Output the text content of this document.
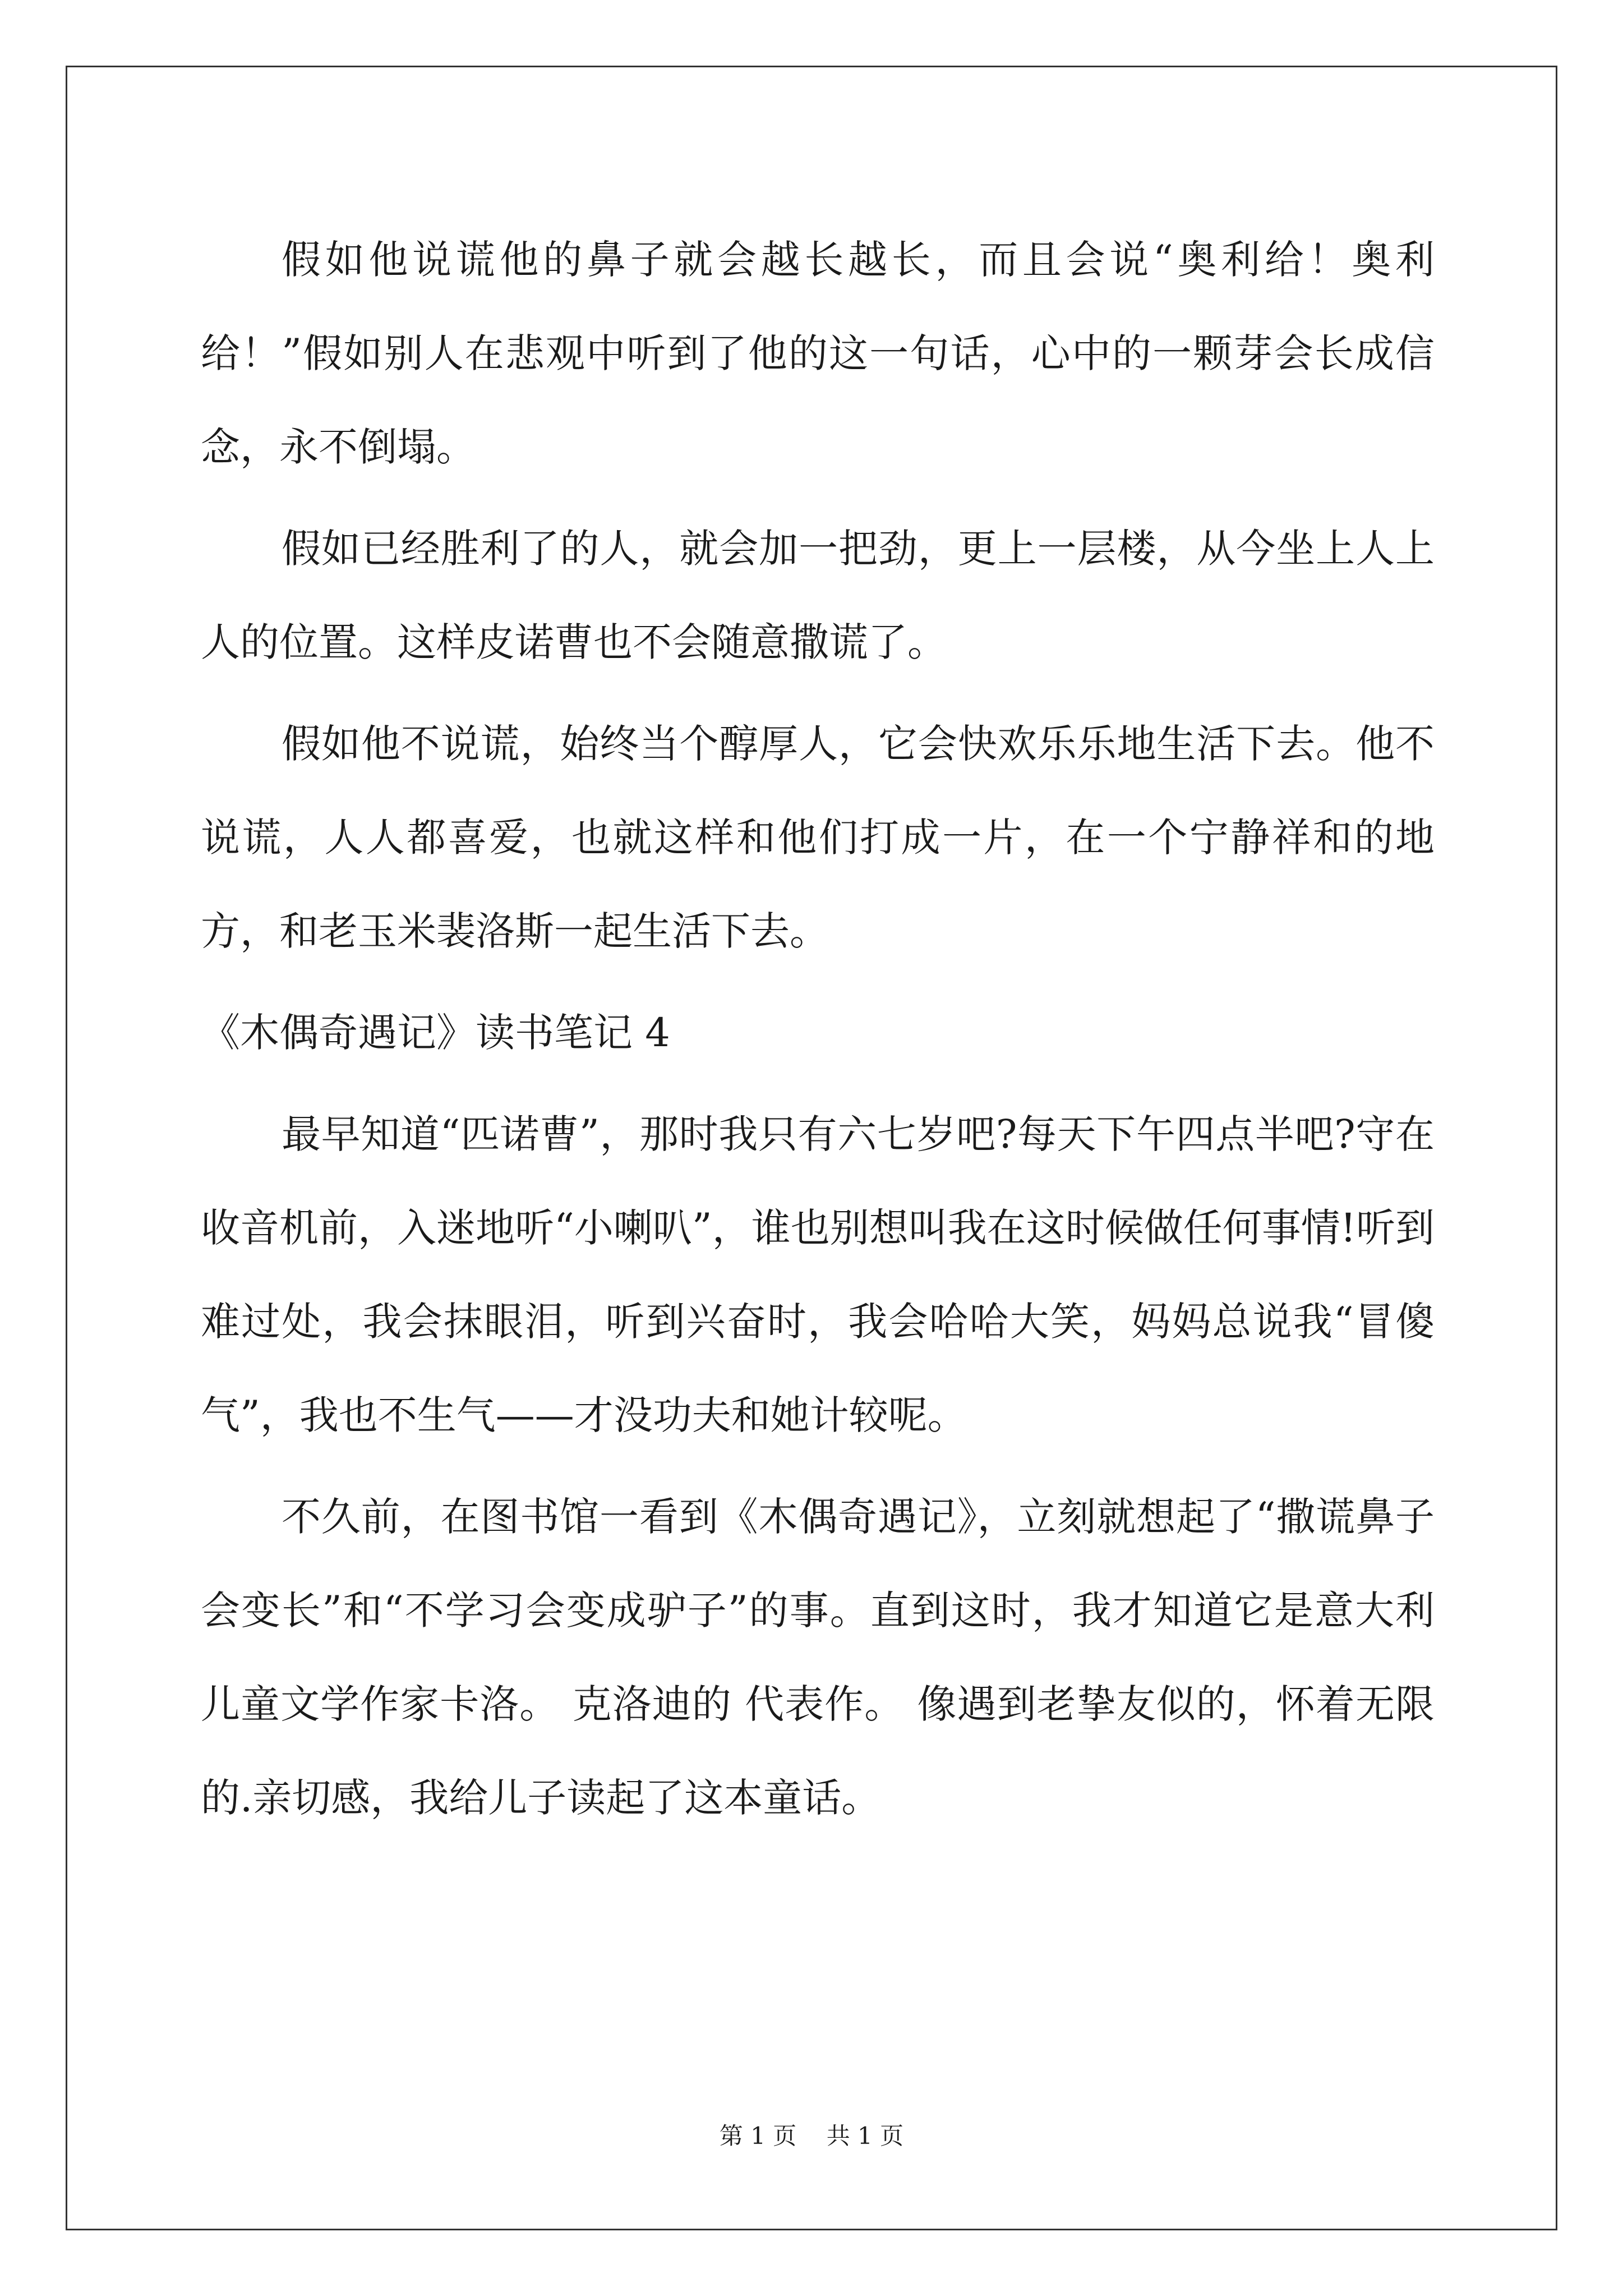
假如他说谎他的鼻子就会越长越长，而且会说“奥利给！奥利给！”假如别人在悲观中听到了他的这一句话，心中的一颗芽会长成信念，永不倒塌。

假如已经胜利了的人，就会加一把劲，更上一层楼，从今坐上人上人的位置。这样皮诺曹也不会随意撒谎了。

假如他不说谎，始终当个醇厚人，它会快欢乐乐地生活下去。他不说谎，人人都喜爱，也就这样和他们打成一片，在一个宁静祥和的地方，和老玉米裴洛斯一起生活下去。

《木偶奇遇记》读书笔记 4

最早知道“匹诺曹”，那时我只有六七岁吧?每天下午四点半吧?守在收音机前，入迷地听“小喇叭”，谁也别想叫我在这时候做任何事情!听到难过处，我会抹眼泪，听到兴奋时，我会哈哈大笑，妈妈总说我“冒傻气”，我也不生气——才没功夫和她计较呢。

不久前，在图书馆一看到《木偶奇遇记》，立刻就想起了“撒谎鼻子会变长”和“不学习会变成驴子”的事。直到这时，我才知道它是意大利儿童文学作家卡洛。 克洛迪的 代表作。 像遇到老挚友似的，怀着无限的.亲切感，我给儿子读起了这本童话。

第 1 页    共 1 页
